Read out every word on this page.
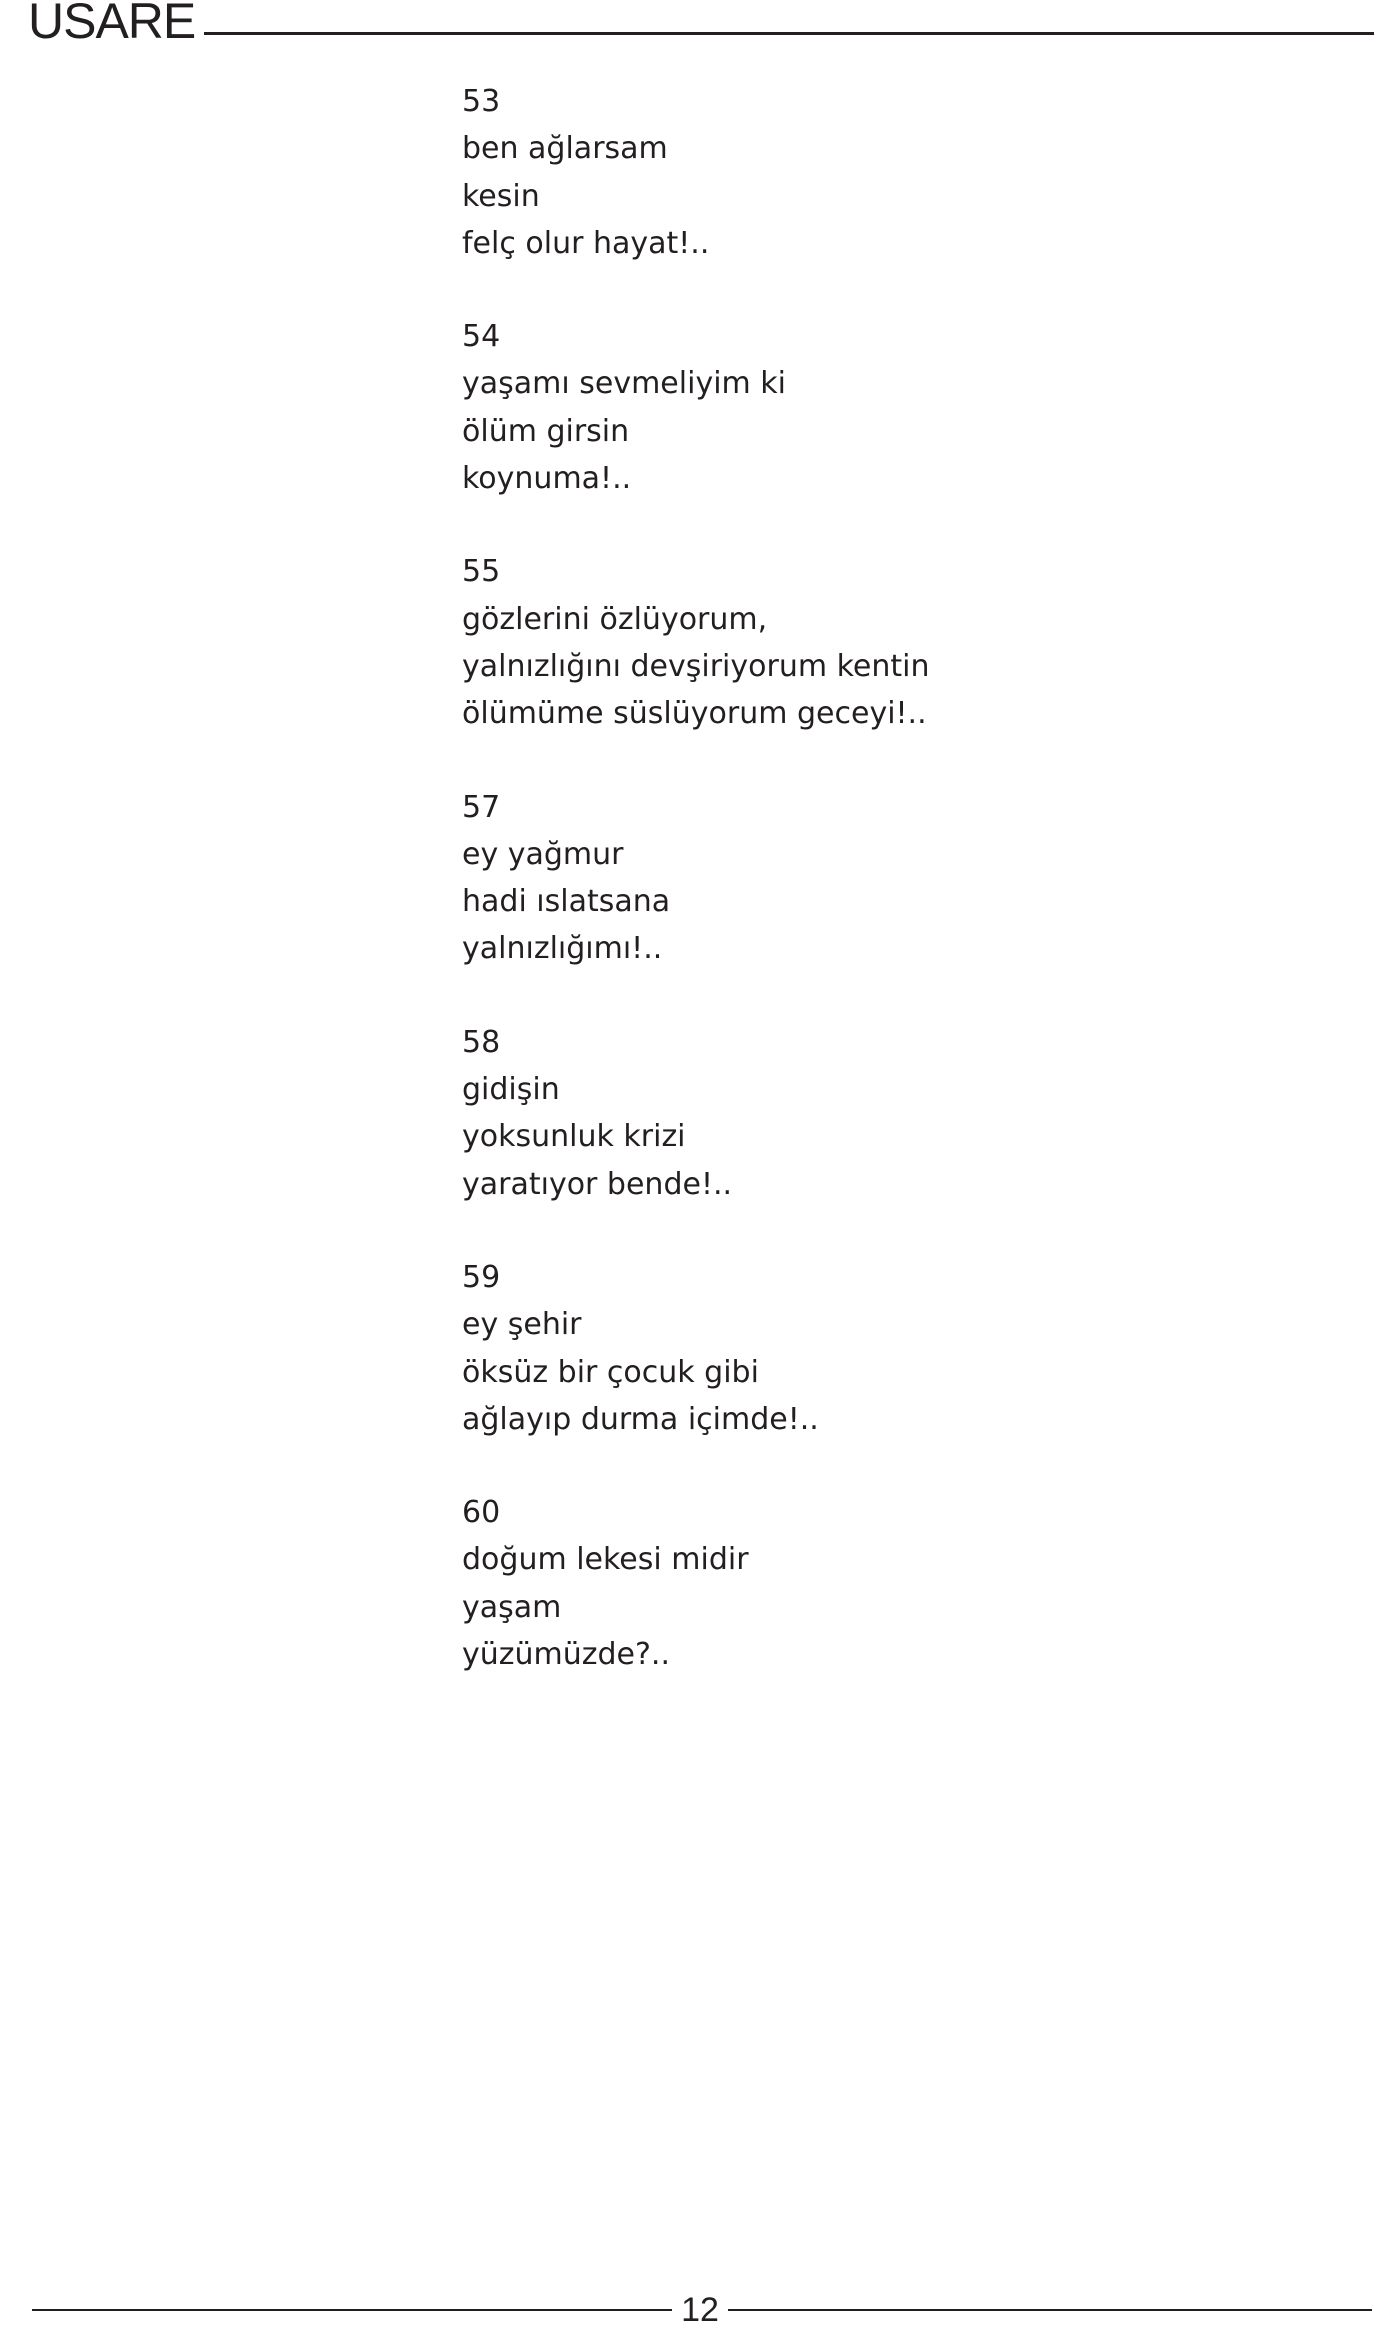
USARE
53
ben ağlarsam
kesin
felç olur hayat!..
54
yaşamı sevmeliyim ki
ölüm girsin
koynuma!..
55
gözlerini özlüyorum,
yalnızlığını devşiriyorum kentin
ölümüme süslüyorum geceyi!..
57
ey yağmur
hadi ıslatsana
yalnızlığımı!..
58
gidişin
yoksunluk krizi
yaratıyor bende!..
59
ey şehir
öksüz bir çocuk gibi
ağlayıp durma içimde!..
60
doğum lekesi midir
yaşam
yüzümüzde?..
12
